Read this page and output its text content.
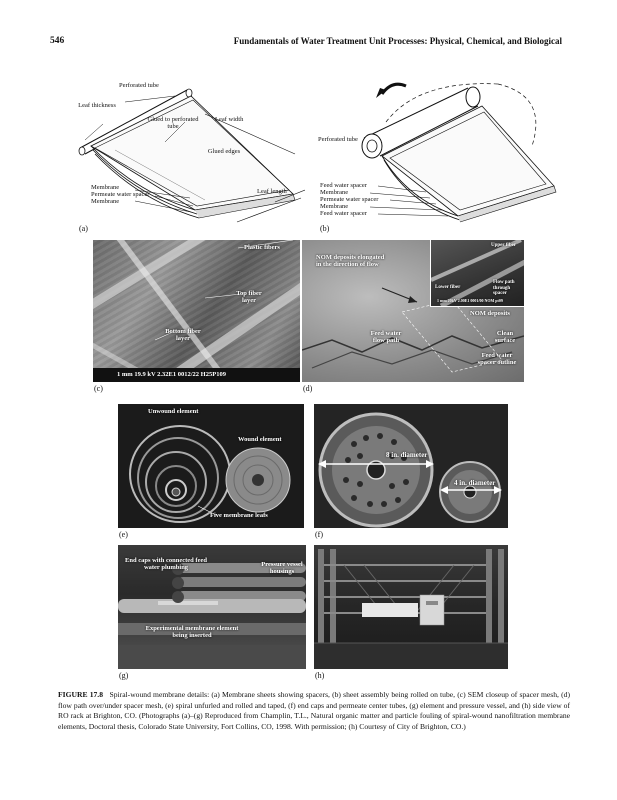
546	Fundamentals of Water Treatment Unit Processes: Physical, Chemical, and Biological
Perforated tube
Leaf thickness
Glued to perforated tube
Leaf width
Glued edges
Membrane
Permeate water spacer
Membrane
Leaf length
(a)
Perforated tube
Feed water spacer
Membrane
Permeate water spacer
Membrane
Feed water spacer
(b)
Plastic fibers
Top fiber layer
Bottom fiber layer
1 mm 19.9 kV 2.32E1 0012/22 H25P109
(c)
Upper fiber
Lower fiber
Flow path through spacer
1 mm 20kV 2.00E1 0001/00 NOM pt09
NOM deposits elongated in the direction of flow
NOM deposits
Feed water flow path
Clean surface
Feed water spacer outline
(d)
Unwound element
Wound element
Five membrane leafs
(e)
8 in. diameter
4 in. diameter
(f)
End caps with connected feed water plumbing	Pressure vessel housings
Experimental membrane element being inserted
(g)	(h)
FIGURE 17.8 Spiral-wound membrane details: (a) Membrane sheets showing spacers, (b) sheet assembly being rolled on tube, (c) SEM closeup of spacer mesh, (d) flow path over/under spacer mesh, (e) spiral unfurled and rolled and taped, (f) end caps and permeate center tubes, (g) element and pressure vessel, and (h) side view of RO rack at Brighton, CO. (Photographs (a)–(g) Reproduced from Champlin, T.L., Natural organic matter and particle fouling of spiral-wound nanofiltration membrane elements, Doctoral thesis, Colorado State University, Fort Collins, CO, 1998. With permission; (h) Courtesy of City of Brighton, CO.)
